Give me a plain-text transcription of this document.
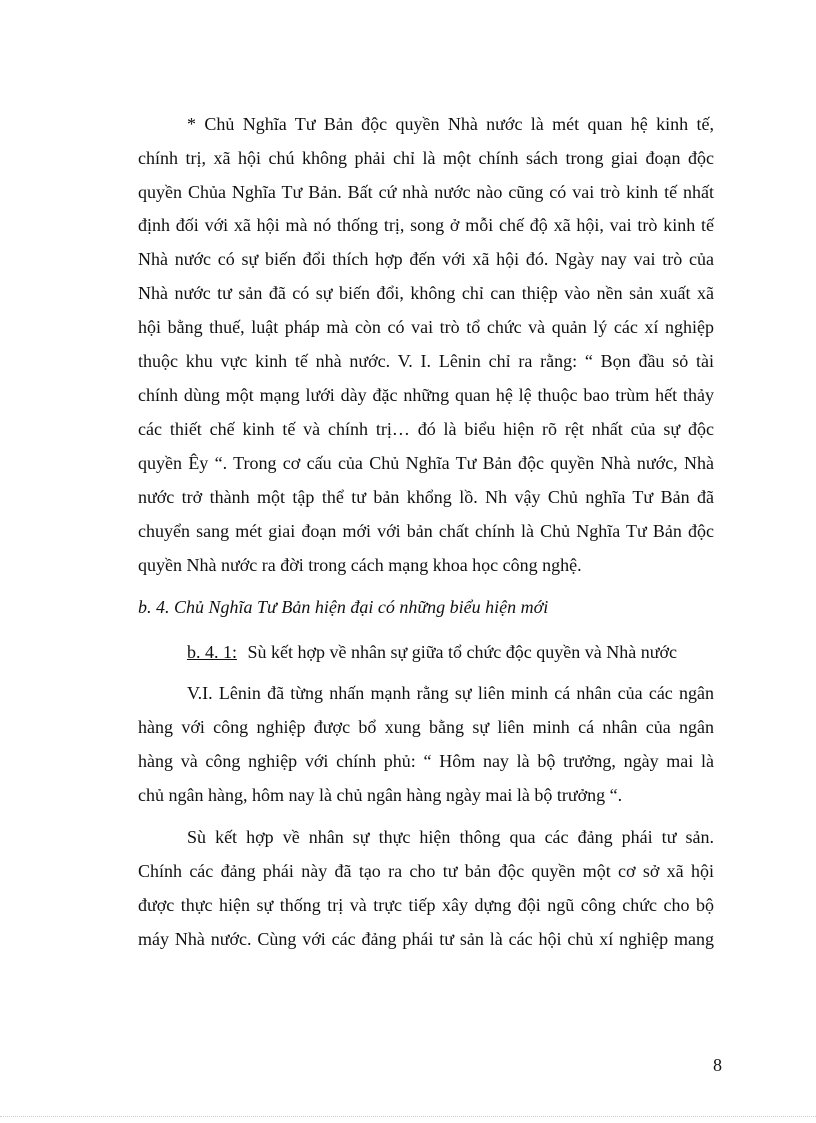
* Chủ Nghĩa Tư Bản độc quyền Nhà nước là mét quan hệ kinh tế,
chính trị, xã hội chú không phải chỉ là một chính sách trong giai đoạn độc
quyền Chủa Nghĩa Tư Bản. Bất cứ nhà nước nào cũng có vai trò kinh tế nhất
định đối với xã hội mà nó thống trị, song ở mỗi chế độ xã hội, vai trò kinh tế
Nhà nước có sự biến đổi thích hợp đến với xã hội đó. Ngày nay vai trò của
Nhà nước tư sản đã có sự biến đổi, không chỉ can thiệp vào nền sản xuất xã
hội bằng thuế, luật pháp mà còn có vai trò tổ chức và quản lý các xí nghiệp
thuộc khu vực kinh tế nhà nước. V. I. Lênin chỉ ra rằng: “ Bọn đầu sỏ tài
chính dùng một mạng lưới dày đặc những quan hệ lệ thuộc bao trùm hết thảy
các thiết chế kinh tế và chính trị… đó là biểu hiện rõ rệt nhất của sự độc
quyền Êy “. Trong cơ cấu của Chủ Nghĩa Tư Bản độc quyền Nhà nước, Nhà
nước trở thành một tập thể tư bản khổng lồ. Nh vậy Chủ nghĩa Tư Bản đã
chuyển sang mét giai đoạn mới với bản chất chính là Chủ Nghĩa Tư Bản độc
quyền Nhà nước ra đời trong cách mạng khoa học công nghệ.
b. 4. Chủ Nghĩa Tư Bản hiện đại có những biểu hiện mới
b. 4. 1: Sù kết hợp về nhân sự giữa tổ chức độc quyền và Nhà nước
V.I. Lênin đã từng nhấn mạnh rằng sự liên minh cá nhân của các ngân
hàng với công nghiệp được bổ xung bằng sự liên minh cá nhân của ngân
hàng và công nghiệp với chính phủ: “ Hôm nay là bộ trưởng, ngày mai là
chủ ngân hàng, hôm nay là chủ ngân hàng ngày mai là bộ trưởng “.
Sù kết hợp về nhân sự thực hiện thông qua các đảng phái tư sản.
Chính các đảng phái này đã tạo ra cho tư bản độc quyền một cơ sở xã hội
được thực hiện sự thống trị và trực tiếp xây dựng đội ngũ công chức cho bộ
máy Nhà nước. Cùng với các đảng phái tư sản là các hội chủ xí nghiệp mang
8
